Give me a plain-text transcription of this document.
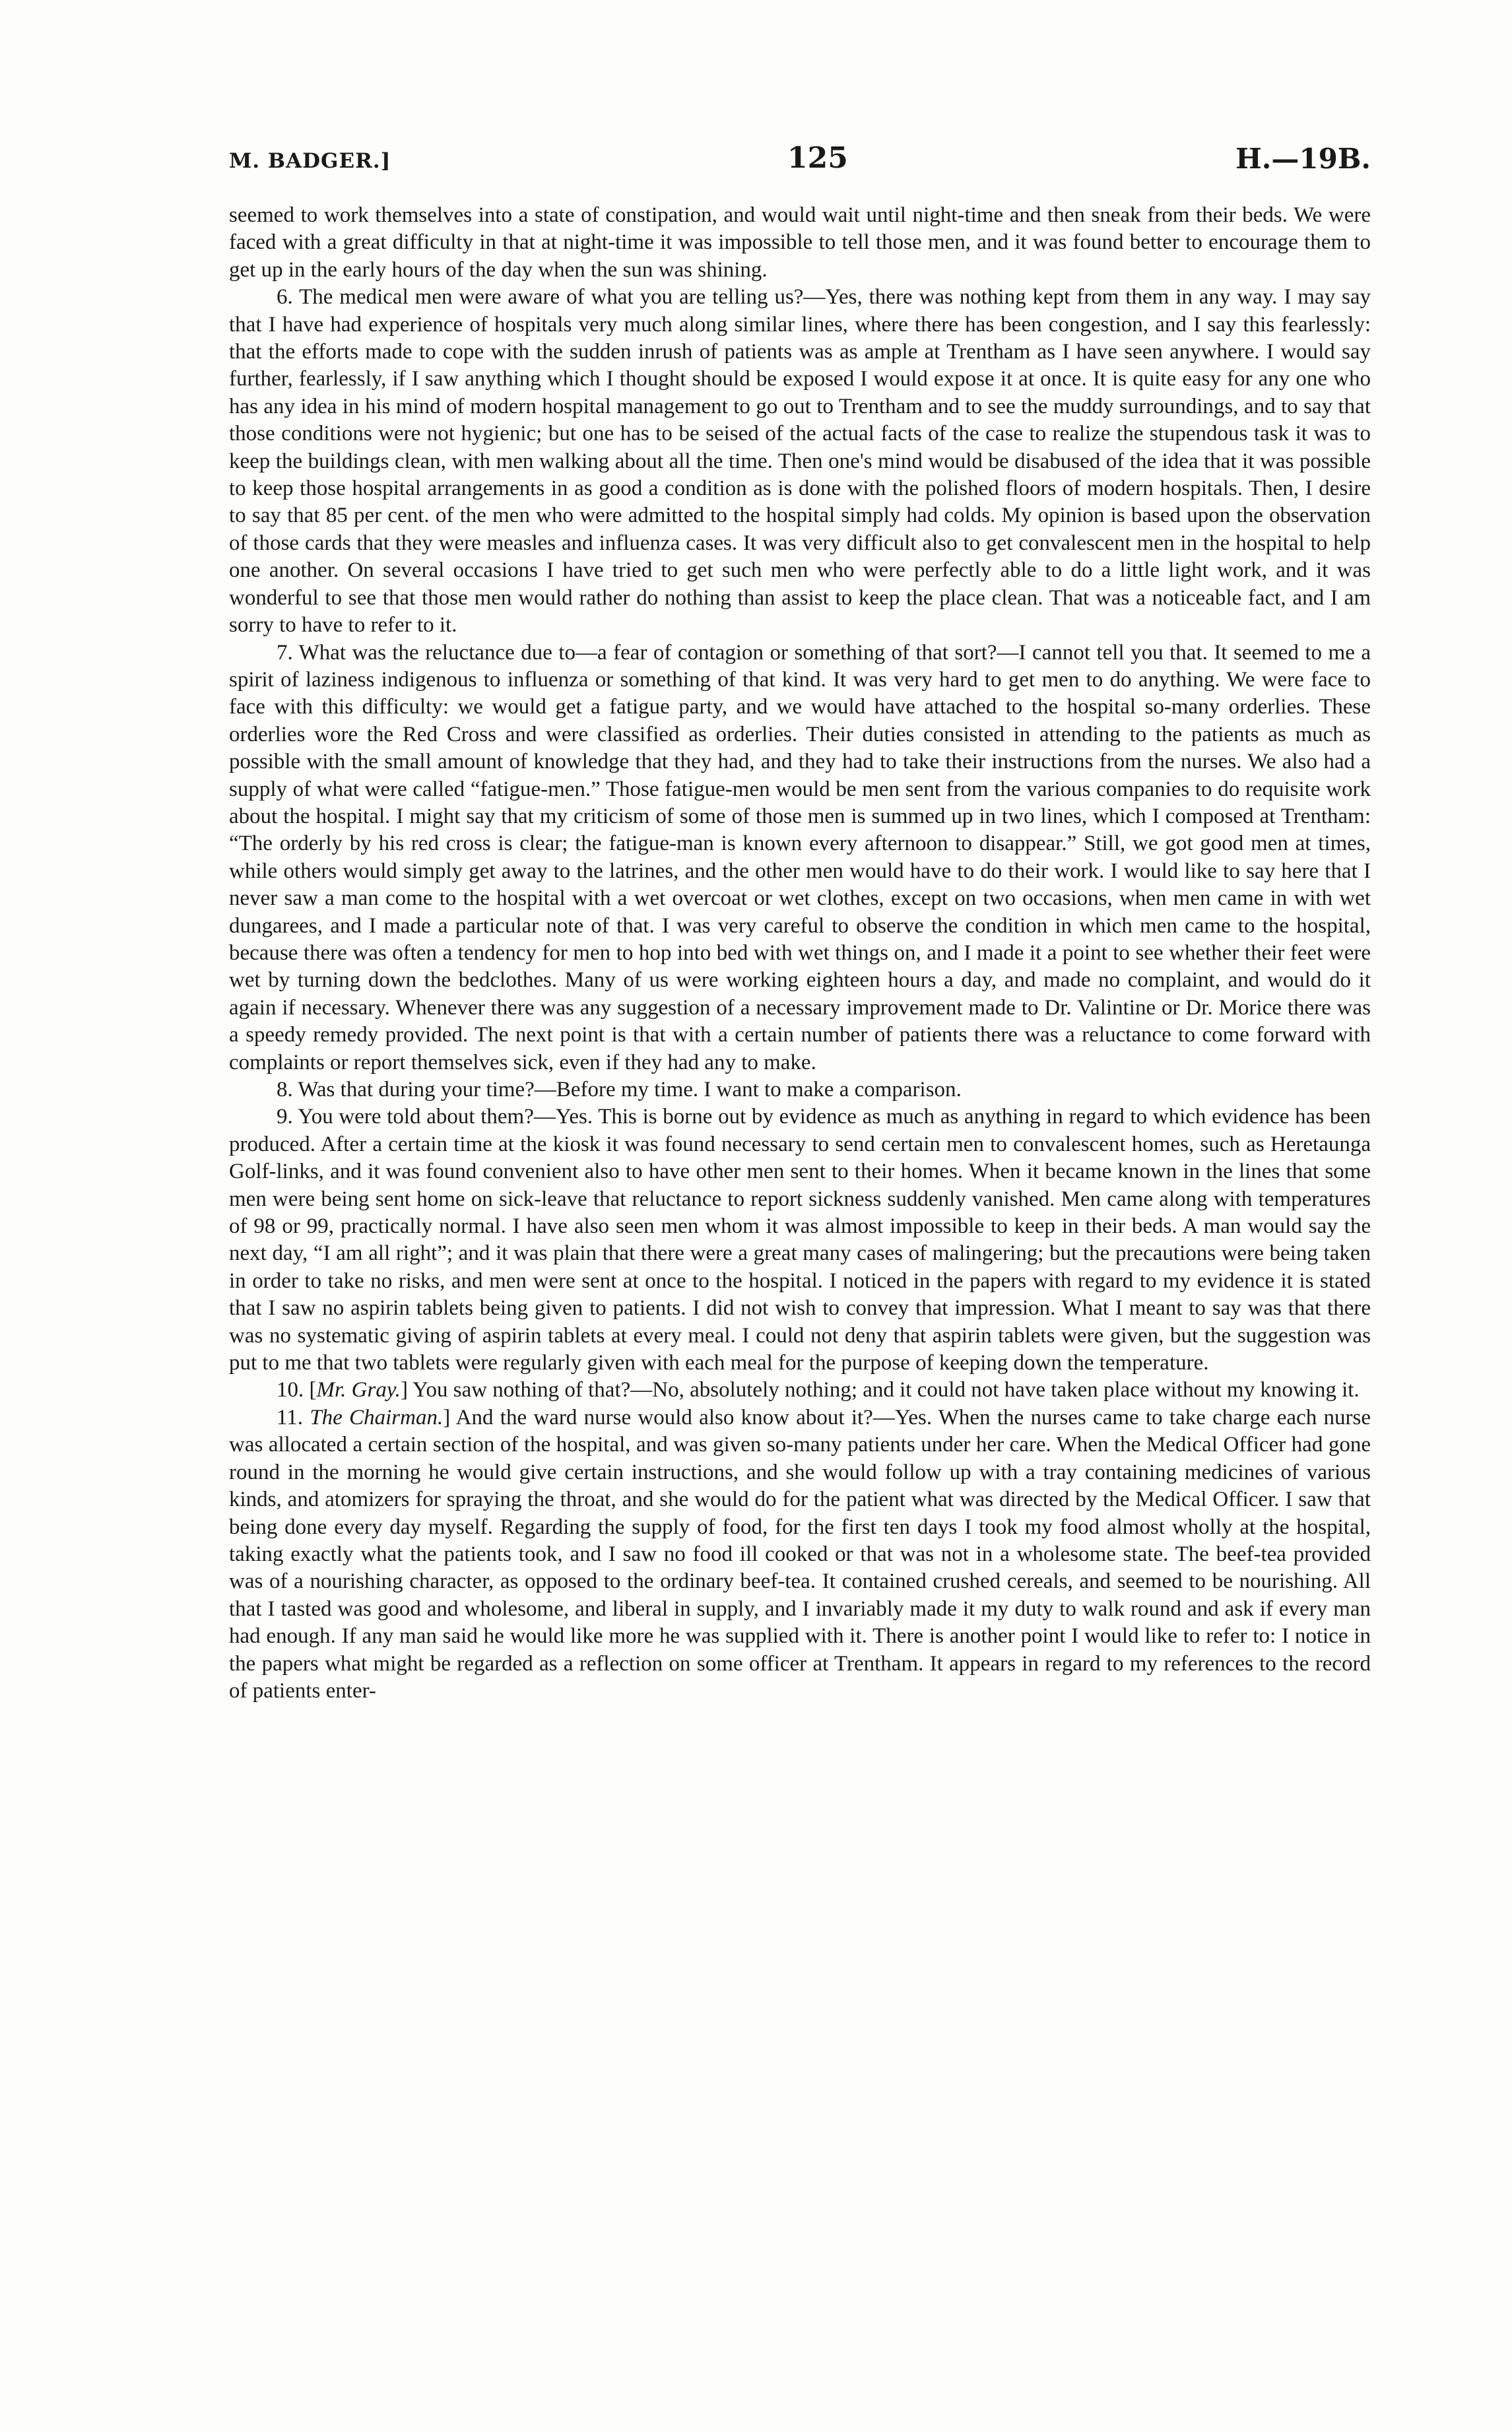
M. BADGER.]	125	H.—19B.

seemed to work themselves into a state of constipation, and would wait until night-time and then sneak from their beds. We were faced with a great difficulty in that at night-time it was impossible to tell those men, and it was found better to encourage them to get up in the early hours of the day when the sun was shining.

6. The medical men were aware of what you are telling us?—Yes, there was nothing kept from them in any way. I may say that I have had experience of hospitals very much along similar lines, where there has been congestion, and I say this fearlessly: that the efforts made to cope with the sudden inrush of patients was as ample at Trentham as I have seen anywhere. I would say further, fearlessly, if I saw anything which I thought should be exposed I would expose it at once. It is quite easy for any one who has any idea in his mind of modern hospital management to go out to Trentham and to see the muddy surroundings, and to say that those conditions were not hygienic; but one has to be seised of the actual facts of the case to realize the stupendous task it was to keep the buildings clean, with men walking about all the time. Then one's mind would be disabused of the idea that it was possible to keep those hospital arrangements in as good a condition as is done with the polished floors of modern hospitals. Then, I desire to say that 85 per cent. of the men who were admitted to the hospital simply had colds. My opinion is based upon the observation of those cards that they were measles and influenza cases. It was very difficult also to get convalescent men in the hospital to help one another. On several occasions I have tried to get such men who were perfectly able to do a little light work, and it was wonderful to see that those men would rather do nothing than assist to keep the place clean. That was a noticeable fact, and I am sorry to have to refer to it.

7. What was the reluctance due to—a fear of contagion or something of that sort?—I cannot tell you that. It seemed to me a spirit of laziness indigenous to influenza or something of that kind. It was very hard to get men to do anything. We were face to face with this difficulty: we would get a fatigue party, and we would have attached to the hospital so-many orderlies. These orderlies wore the Red Cross and were classified as orderlies. Their duties consisted in attending to the patients as much as possible with the small amount of knowledge that they had, and they had to take their instructions from the nurses. We also had a supply of what were called “fatigue-men.” Those fatigue-men would be men sent from the various companies to do requisite work about the hospital. I might say that my criticism of some of those men is summed up in two lines, which I composed at Trentham: “The orderly by his red cross is clear; the fatigue-man is known every afternoon to disappear.” Still, we got good men at times, while others would simply get away to the latrines, and the other men would have to do their work. I would like to say here that I never saw a man come to the hospital with a wet overcoat or wet clothes, except on two occasions, when men came in with wet dungarees, and I made a particular note of that. I was very careful to observe the condition in which men came to the hospital, because there was often a tendency for men to hop into bed with wet things on, and I made it a point to see whether their feet were wet by turning down the bedclothes. Many of us were working eighteen hours a day, and made no complaint, and would do it again if necessary. Whenever there was any suggestion of a necessary improvement made to Dr. Valintine or Dr. Morice there was a speedy remedy provided. The next point is that with a certain number of patients there was a reluctance to come forward with complaints or report themselves sick, even if they had any to make.

8. Was that during your time?—Before my time. I want to make a comparison.

9. You were told about them?—Yes. This is borne out by evidence as much as anything in regard to which evidence has been produced. After a certain time at the kiosk it was found necessary to send certain men to convalescent homes, such as Heretaunga Golf-links, and it was found convenient also to have other men sent to their homes. When it became known in the lines that some men were being sent home on sick-leave that reluctance to report sickness suddenly vanished. Men came along with temperatures of 98 or 99, practically normal. I have also seen men whom it was almost impossible to keep in their beds. A man would say the next day, “I am all right”; and it was plain that there were a great many cases of malingering; but the precautions were being taken in order to take no risks, and men were sent at once to the hospital. I noticed in the papers with regard to my evidence it is stated that I saw no aspirin tablets being given to patients. I did not wish to convey that impression. What I meant to say was that there was no systematic giving of aspirin tablets at every meal. I could not deny that aspirin tablets were given, but the suggestion was put to me that two tablets were regularly given with each meal for the purpose of keeping down the temperature.

10. [Mr. Gray.] You saw nothing of that?—No, absolutely nothing; and it could not have taken place without my knowing it.

11. The Chairman.] And the ward nurse would also know about it?—Yes. When the nurses came to take charge each nurse was allocated a certain section of the hospital, and was given so-many patients under her care. When the Medical Officer had gone round in the morning he would give certain instructions, and she would follow up with a tray containing medicines of various kinds, and atomizers for spraying the throat, and she would do for the patient what was directed by the Medical Officer. I saw that being done every day myself. Regarding the supply of food, for the first ten days I took my food almost wholly at the hospital, taking exactly what the patients took, and I saw no food ill cooked or that was not in a wholesome state. The beef-tea provided was of a nourishing character, as opposed to the ordinary beef-tea. It contained crushed cereals, and seemed to be nourishing. All that I tasted was good and wholesome, and liberal in supply, and I invariably made it my duty to walk round and ask if every man had enough. If any man said he would like more he was supplied with it. There is another point I would like to refer to: I notice in the papers what might be regarded as a reflection on some officer at Trentham. It appears in regard to my references to the record of patients enter-
